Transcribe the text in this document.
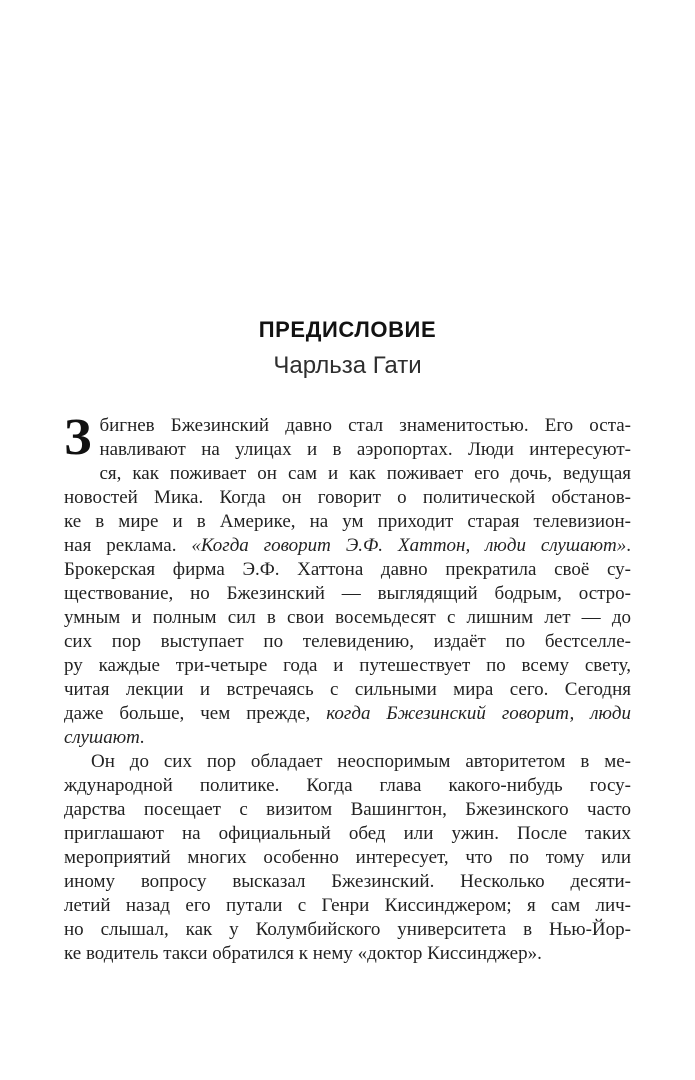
ПРЕДИСЛОВИЕ
Чарльза Гати
З бигнев Бжезинский давно стал знаменитостью. Его оста-
навливают на улицах и в аэропортах. Люди интересуют-
ся, как поживает он сам и как поживает его дочь, ведущая
новостей Мика. Когда он говорит о политической обстанов-
ке в мире и в Америке, на ум приходит старая телевизион-
ная реклама. «Когда говорит Э.Ф. Хаттон, люди слушают».
Брокерская фирма Э.Ф. Хаттона давно прекратила своё су-
ществование, но Бжезинский — выглядящий бодрым, остро-
умным и полным сил в свои восемьдесят с лишним лет — до
сих пор выступает по телевидению, издаёт по бестселле-
ру каждые три-четыре года и путешествует по всему свету,
читая лекции и встречаясь с сильными мира сего. Сегодня
даже больше, чем прежде, когда Бжезинский говорит, люди
слушают.
Он до сих пор обладает неоспоримым авторитетом в ме-
ждународной политике. Когда глава какого-нибудь госу-
дарства посещает с визитом Вашингтон, Бжезинского часто
приглашают на официальный обед или ужин. После таких
мероприятий многих особенно интересует, что по тому или
иному вопросу высказал Бжезинский. Несколько десяти-
летий назад его путали с Генри Киссинджером; я сам лич-
но слышал, как у Колумбийского университета в Нью-Йор-
ке водитель такси обратился к нему «доктор Киссинджер».
